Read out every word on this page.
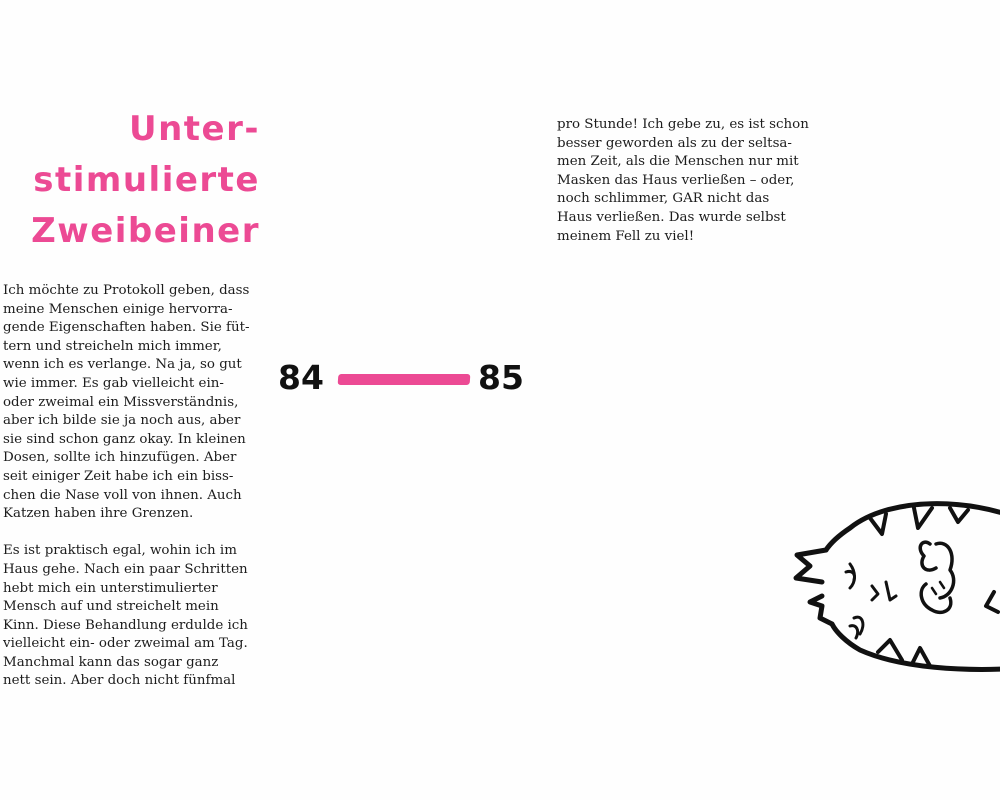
Unter-
stimulierte
Zweibeiner

Ich möchte zu Protokoll geben, dass
meine Menschen einige hervorra-
gende Eigenschaften haben. Sie füt-
tern und streicheln mich immer,
wenn ich es verlange. Na ja, so gut
wie immer. Es gab vielleicht ein-
oder zweimal ein Missverständnis,
aber ich bilde sie ja noch aus, aber
sie sind schon ganz okay. In kleinen
Dosen, sollte ich hinzufügen. Aber
seit einiger Zeit habe ich ein biss-
chen die Nase voll von ihnen. Auch
Katzen haben ihre Grenzen.

Es ist praktisch egal, wohin ich im
Haus gehe. Nach ein paar Schritten
hebt mich ein unterstimulierter
Mensch auf und streichelt mein
Kinn. Diese Behandlung erdulde ich
vielleicht ein- oder zweimal am Tag.
Manchmal kann das sogar ganz
nett sein. Aber doch nicht fünfmal

pro Stunde! Ich gebe zu, es ist schon
besser geworden als zu der seltsa-
men Zeit, als die Menschen nur mit
Masken das Haus verließen – oder,
noch schlimmer, GAR nicht das
Haus verließen. Das wurde selbst
meinem Fell zu viel!

84	85
